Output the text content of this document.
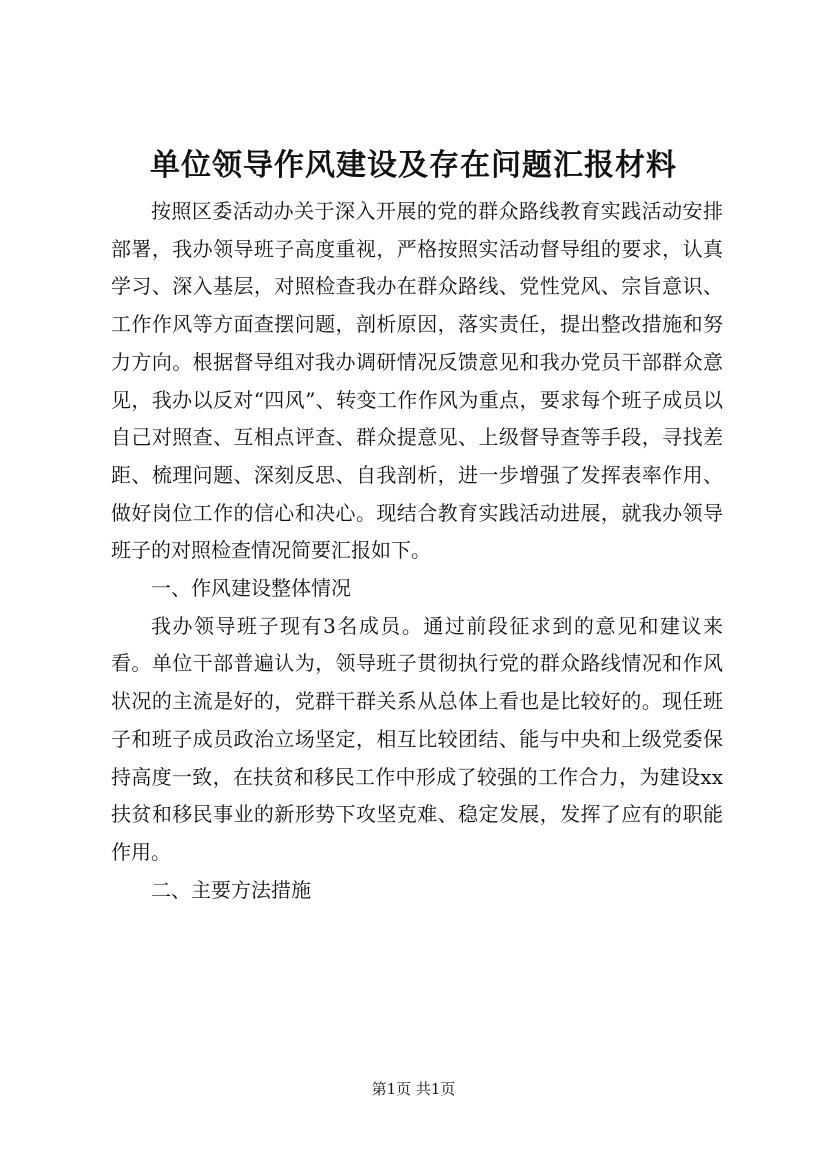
单位领导作风建设及存在问题汇报材料

按照区委活动办关于深入开展的党的群众路线教育实践活动安排部署，我办领导班子高度重视，严格按照实活动督导组的要求，认真学习、深入基层，对照检查我办在群众路线、党性党风、宗旨意识、工作作风等方面查摆问题，剖析原因，落实责任，提出整改措施和努力方向。根据督导组对我办调研情况反馈意见和我办党员干部群众意见，我办以反对“四风”、转变工作作风为重点，要求每个班子成员以自己对照查、互相点评查、群众提意见、上级督导查等手段，寻找差距、梳理问题、深刻反思、自我剖析，进一步增强了发挥表率作用、做好岗位工作的信心和决心。现结合教育实践活动进展，就我办领导班子的对照检查情况简要汇报如下。

一、作风建设整体情况

我办领导班子现有3名成员。通过前段征求到的意见和建议来看。单位干部普遍认为，领导班子贯彻执行党的群众路线情况和作风状况的主流是好的，党群干群关系从总体上看也是比较好的。现任班子和班子成员政治立场坚定，相互比较团结、能与中央和上级党委保持高度一致，在扶贫和移民工作中形成了较强的工作合力，为建设xx扶贫和移民事业的新形势下攻坚克难、稳定发展，发挥了应有的职能作用。

二、主要方法措施

第1页 共1页
